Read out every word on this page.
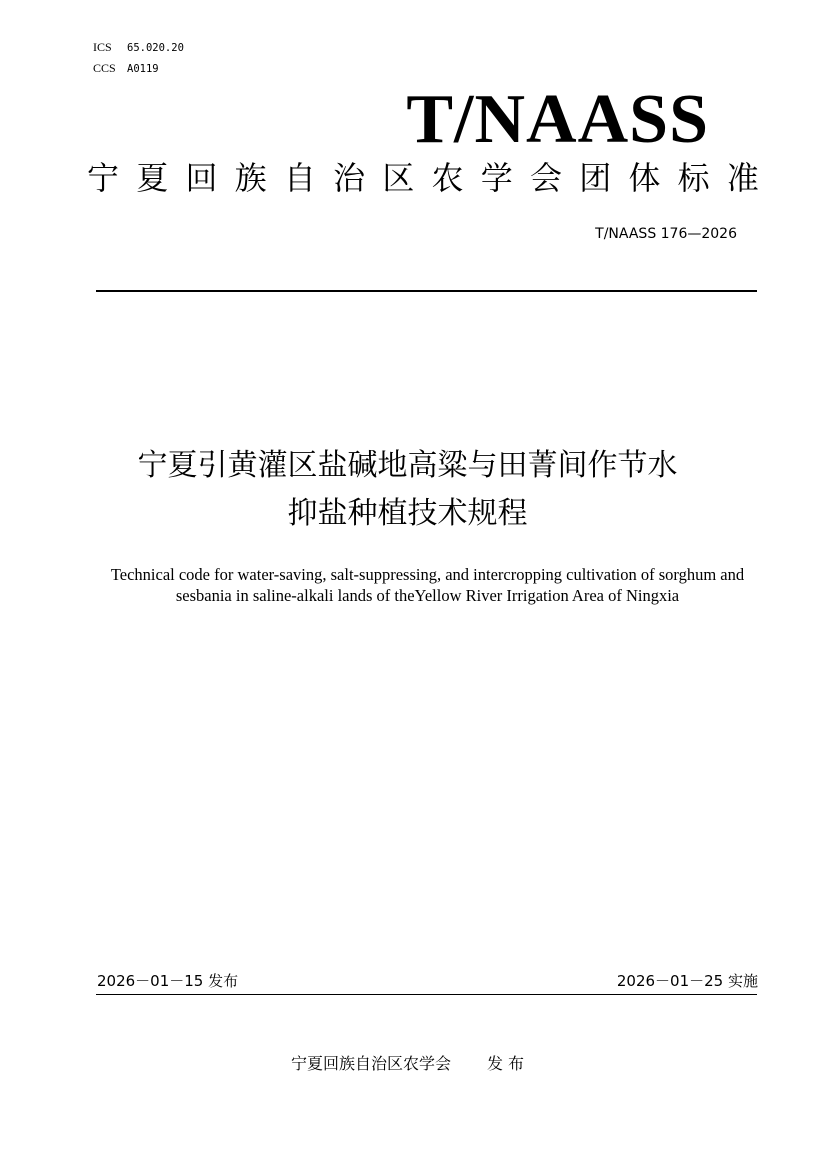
ICS 65.020.20
CCS A0119
T/NAASS
宁 夏 回 族 自 治 区 农 学 会 团 体 标 准
T/NAASS 176—2026
宁夏引黄灌区盐碱地高粱与田菁间作节水
抑盐种植技术规程
Technical code for water-saving, salt-suppressing, and intercropping cultivation of sorghum and sesbania in saline-alkali lands of theYellow River Irrigation Area of Ningxia
2026－01－15 发布	2026－01－25 实施
宁夏回族自治区农学会 发 布
